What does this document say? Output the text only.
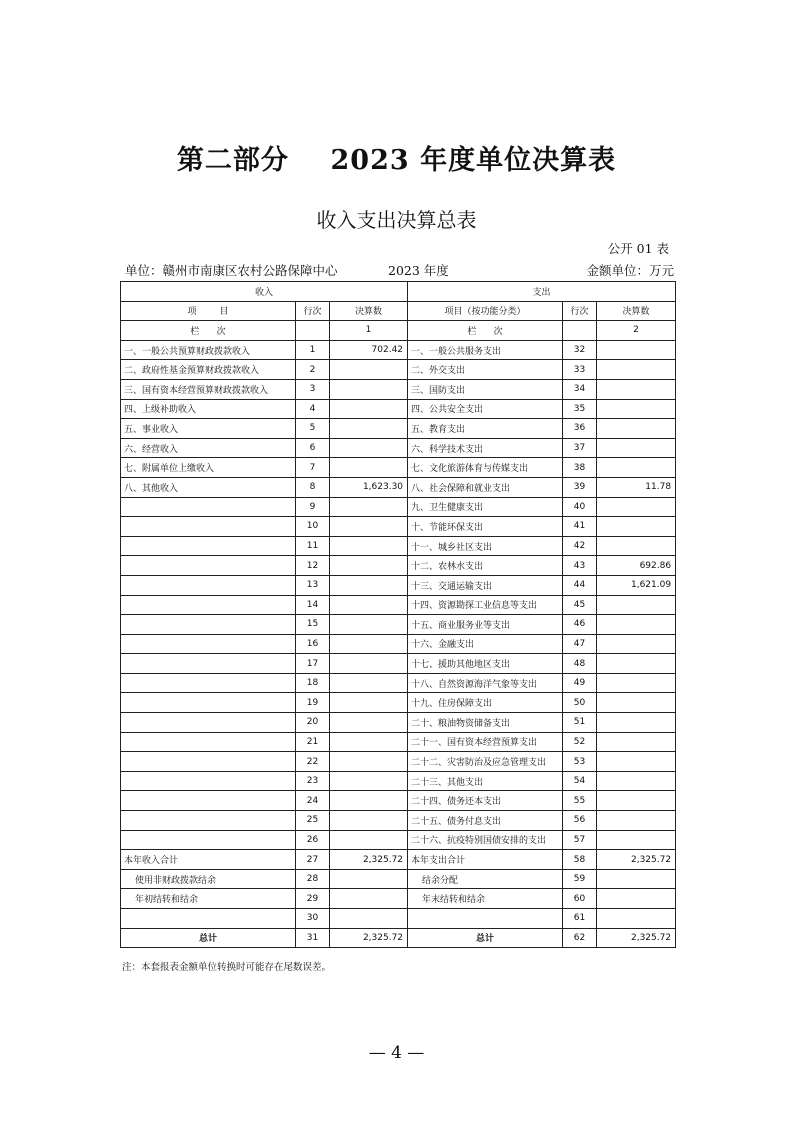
第二部分    2023 年度单位决算表
收入支出决算总表
公开 01 表
单位：赣州市南康区农村公路保障中心	2023 年度	金额单位：万元
收入			支出		
项        目	行次	决算数	项目（按功能分类）	行次	决算数
栏      次		1	栏      次		2
一、一般公共预算财政拨款收入	1	702.42	一、一般公共服务支出	32	
二、政府性基金预算财政拨款收入	2		二、外交支出	33	
三、国有资本经营预算财政拨款收入	3		三、国防支出	34	
四、上级补助收入	4		四、公共安全支出	35	
五、事业收入	5		五、教育支出	36	
六、经营收入	6		六、科学技术支出	37	
七、附属单位上缴收入	7		七、文化旅游体育与传媒支出	38	
八、其他收入	8	1,623.30	八、社会保障和就业支出	39	11.78
	9		九、卫生健康支出	40	
	10		十、节能环保支出	41	
	11		十一、城乡社区支出	42	
	12		十二、农林水支出	43	692.86
	13		十三、交通运输支出	44	1,621.09
	14		十四、资源勘探工业信息等支出	45	
	15		十五、商业服务业等支出	46	
	16		十六、金融支出	47	
	17		十七、援助其他地区支出	48	
	18		十八、自然资源海洋气象等支出	49	
	19		十九、住房保障支出	50	
	20		二十、粮油物资储备支出	51	
	21		二十一、国有资本经营预算支出	52	
	22		二十二、灾害防治及应急管理支出	53	
	23		二十三、其他支出	54	
	24		二十四、债务还本支出	55	
	25		二十五、债务付息支出	56	
	26		二十六、抗疫特别国债安排的支出	57	
本年收入合计	27	2,325.72	本年支出合计	58	2,325.72
使用非财政拨款结余	28		结余分配	59	
年初结转和结余	29		年末结转和结余	60	
	30			61	
总计	31	2,325.72	总计	62	2,325.72
注：本套报表金额单位转换时可能存在尾数误差。
— 4 —
